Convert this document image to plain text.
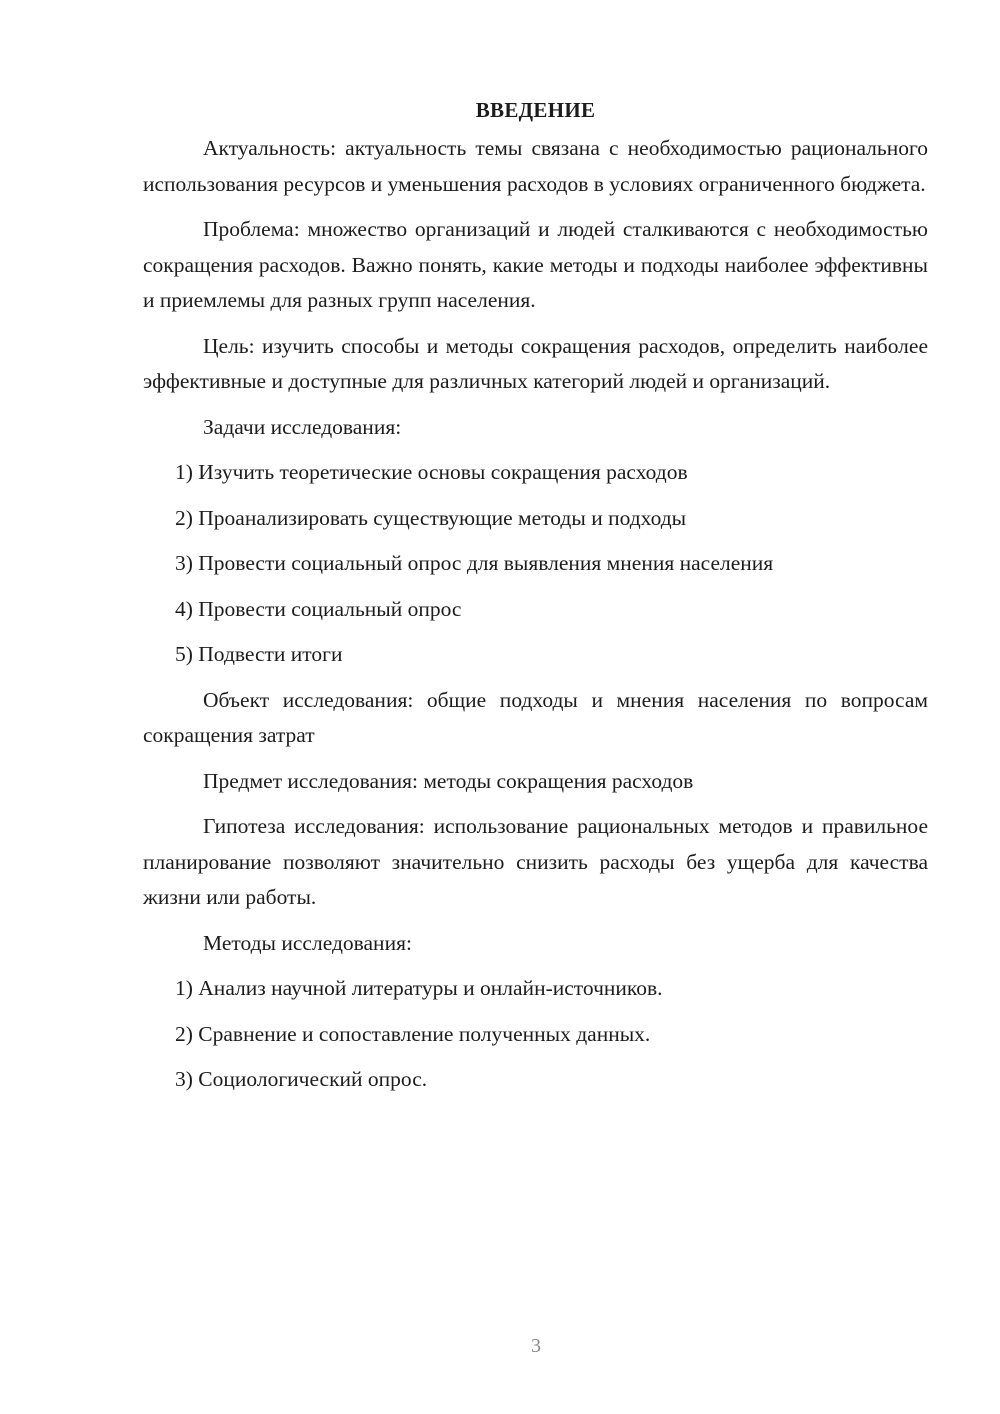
ВВЕДЕНИЕ

Актуальность: актуальность темы связана с необходимостью рационального использования ресурсов и уменьшения расходов в условиях ограниченного бюджета.

Проблема: множество организаций и людей сталкиваются с необходимостью сокращения расходов. Важно понять, какие методы и подходы наиболее эффективны и приемлемы для разных групп населения.

Цель: изучить способы и методы сокращения расходов, определить наиболее эффективные и доступные для различных категорий людей и организаций.

Задачи исследования:

1) Изучить теоретические основы сокращения расходов
2) Проанализировать существующие методы и подходы
3) Провести социальный опрос для выявления мнения населения
4) Провести социальный опрос
5) Подвести итоги

Объект исследования: общие подходы и мнения населения по вопросам сокращения затрат

Предмет исследования: методы сокращения расходов

Гипотеза исследования: использование рациональных методов и правильное планирование позволяют значительно снизить расходы без ущерба для качества жизни или работы.

Методы исследования:

1) Анализ научной литературы и онлайн-источников.
2) Сравнение и сопоставление полученных данных.
3) Социологический опрос.
3
